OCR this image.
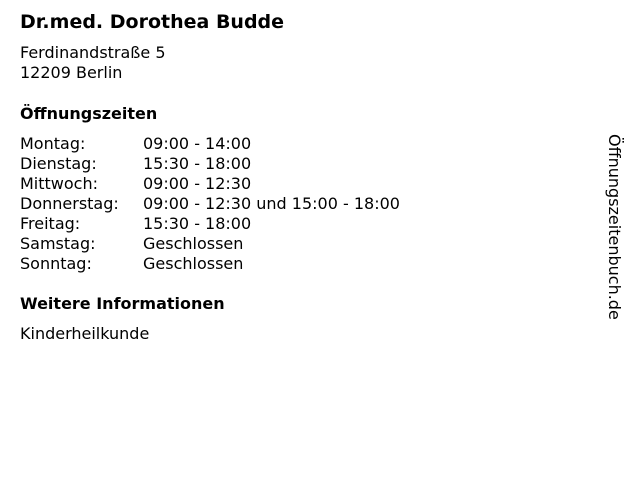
Dr.med. Dorothea Budde
Ferdinandstraße 5
12209 Berlin
Öffnungszeiten
Montag:	09:00 - 14:00
Dienstag:	15:30 - 18:00
Mittwoch:	09:00 - 12:30
Donnerstag: 09:00 - 12:30 und 15:00 - 18:00
Freitag:	15:30 - 18:00
Samstag:	Geschlossen
Sonntag:	Geschlossen
Weitere Informationen
Kinderheilkunde
Öffnungszeitenbuch.de
